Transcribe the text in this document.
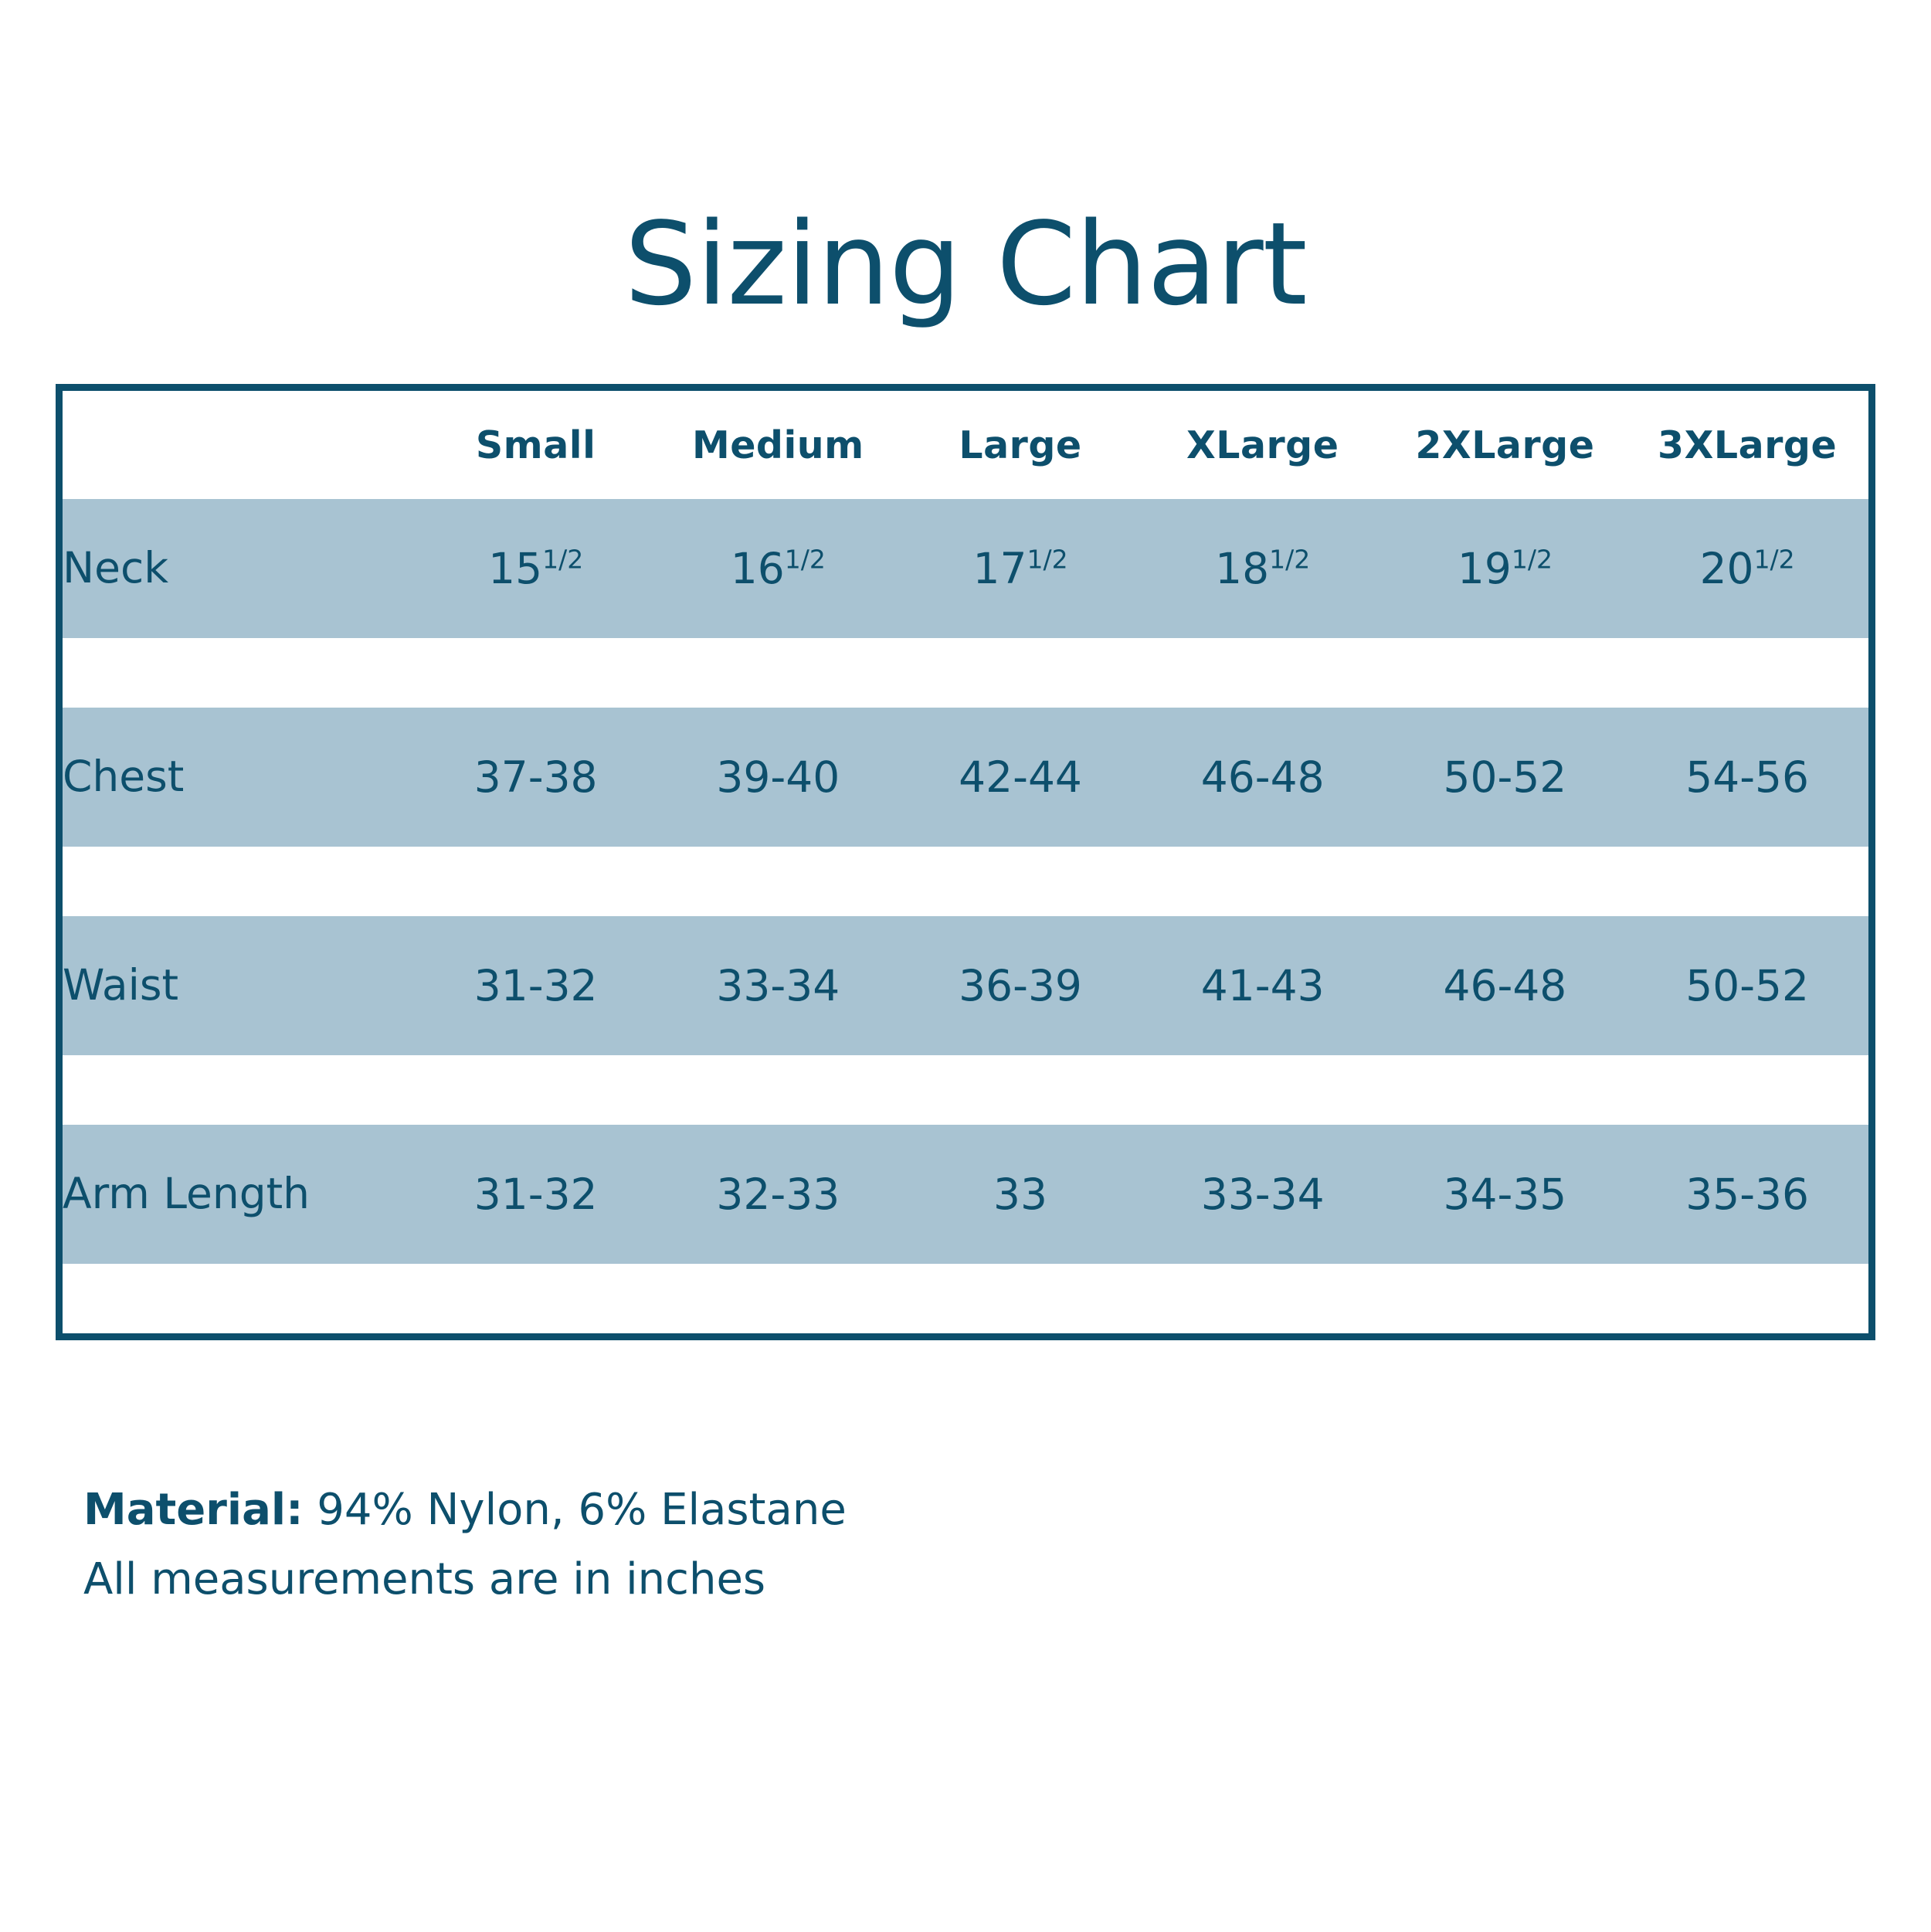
Sizing Chart
	Small	Medium	Large	XLarge	2XLarge	3XLarge
Neck	$15^{1/2}$	$16^{1/2}$	$17^{1/2}$	$18^{1/2}$	$19^{1/2}$	$20^{1/2}$

Chest	37-38	39-40	42-44	46-48	50-52	54-56

Waist	31-32	33-34	36-39	41-43	46-48	50-52

Arm Length	31-32	32-33	33	33-34	34-35	35-36

Material: 94% Nylon, 6% Elastane
All measurements are in inches
